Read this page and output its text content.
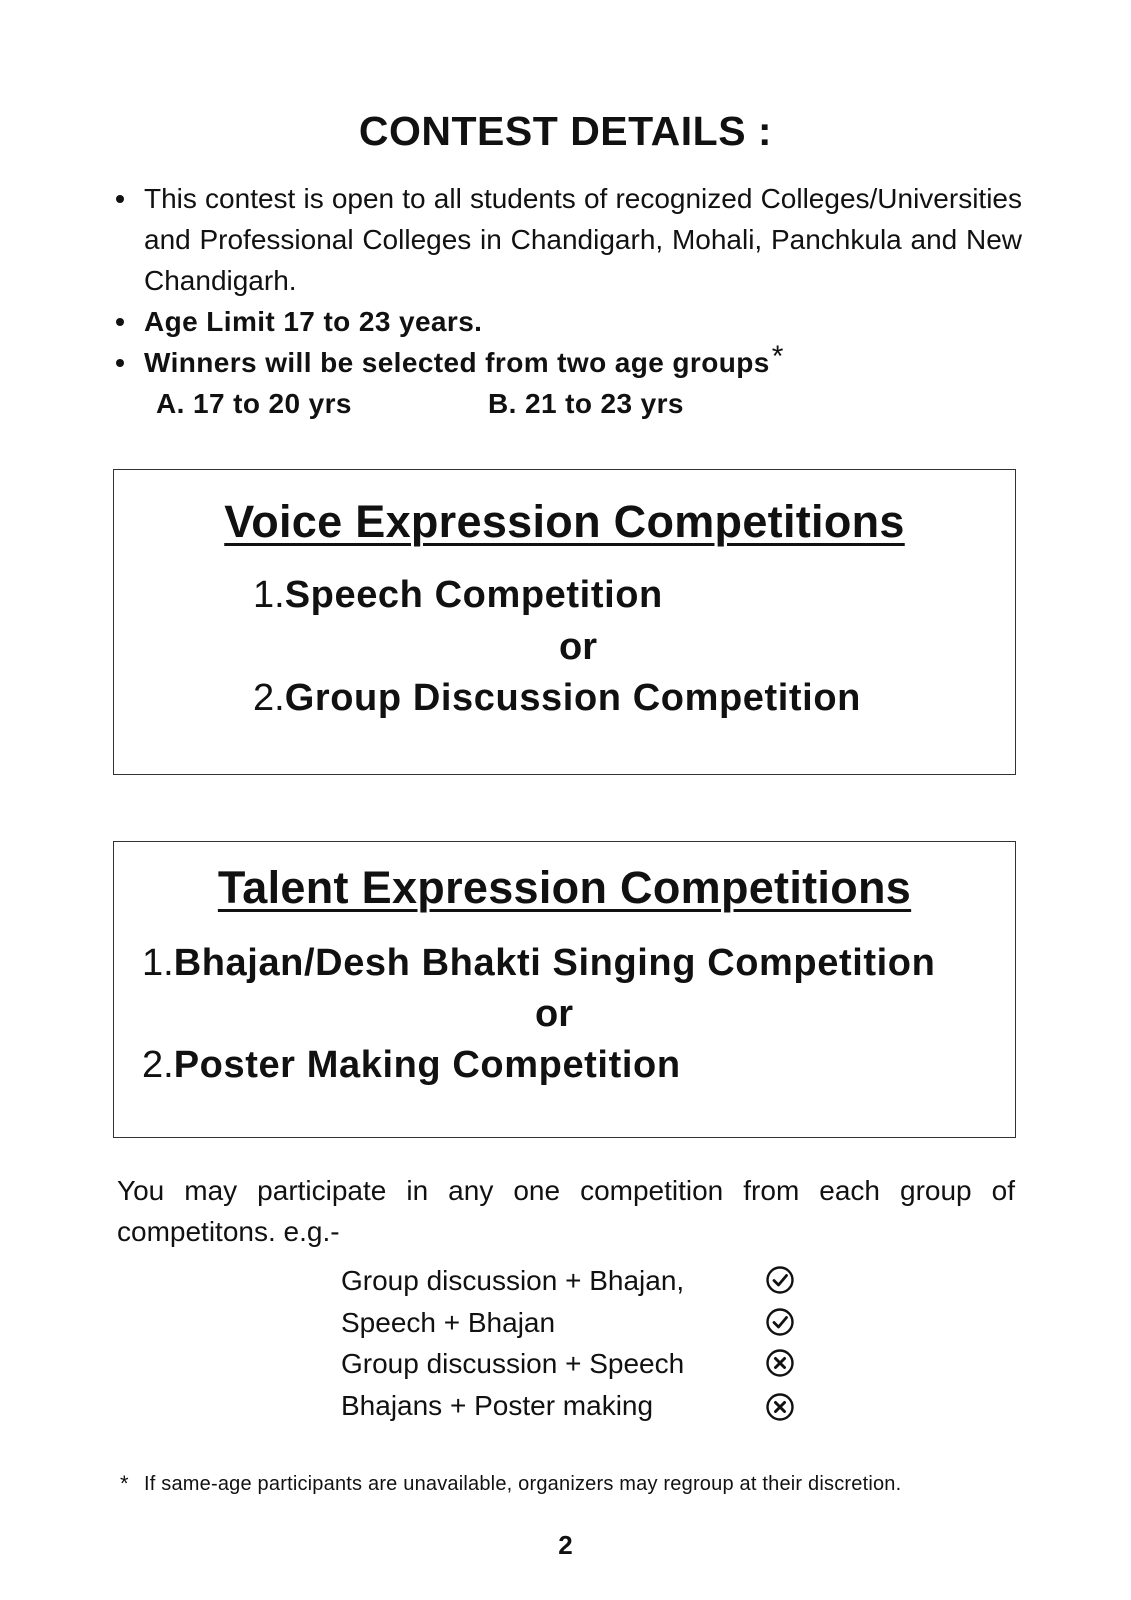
CONTEST DETAILS :
This contest is open to all students of recognized Colleges/Universities and Professional Colleges in Chandigarh, Mohali, Panchkula and New Chandigarh.
Age Limit 17 to 23 years.
Winners will be selected from two age groups*
A. 17 to 20 yrs	B. 21 to 23 yrs
Voice Expression Competitions
1.Speech Competition
or
2.Group Discussion Competition
Talent Expression Competitions
1.Bhajan/Desh Bhakti Singing Competition
or
2.Poster Making Competition

You may participate in any one competition from each group of competitons. e.g.-

Group discussion + Bhajan,
Speech + Bhajan
Group discussion + Speech
Bhajans + Poster making
* If same-age participants are unavailable, organizers may regroup at their discretion.
2
